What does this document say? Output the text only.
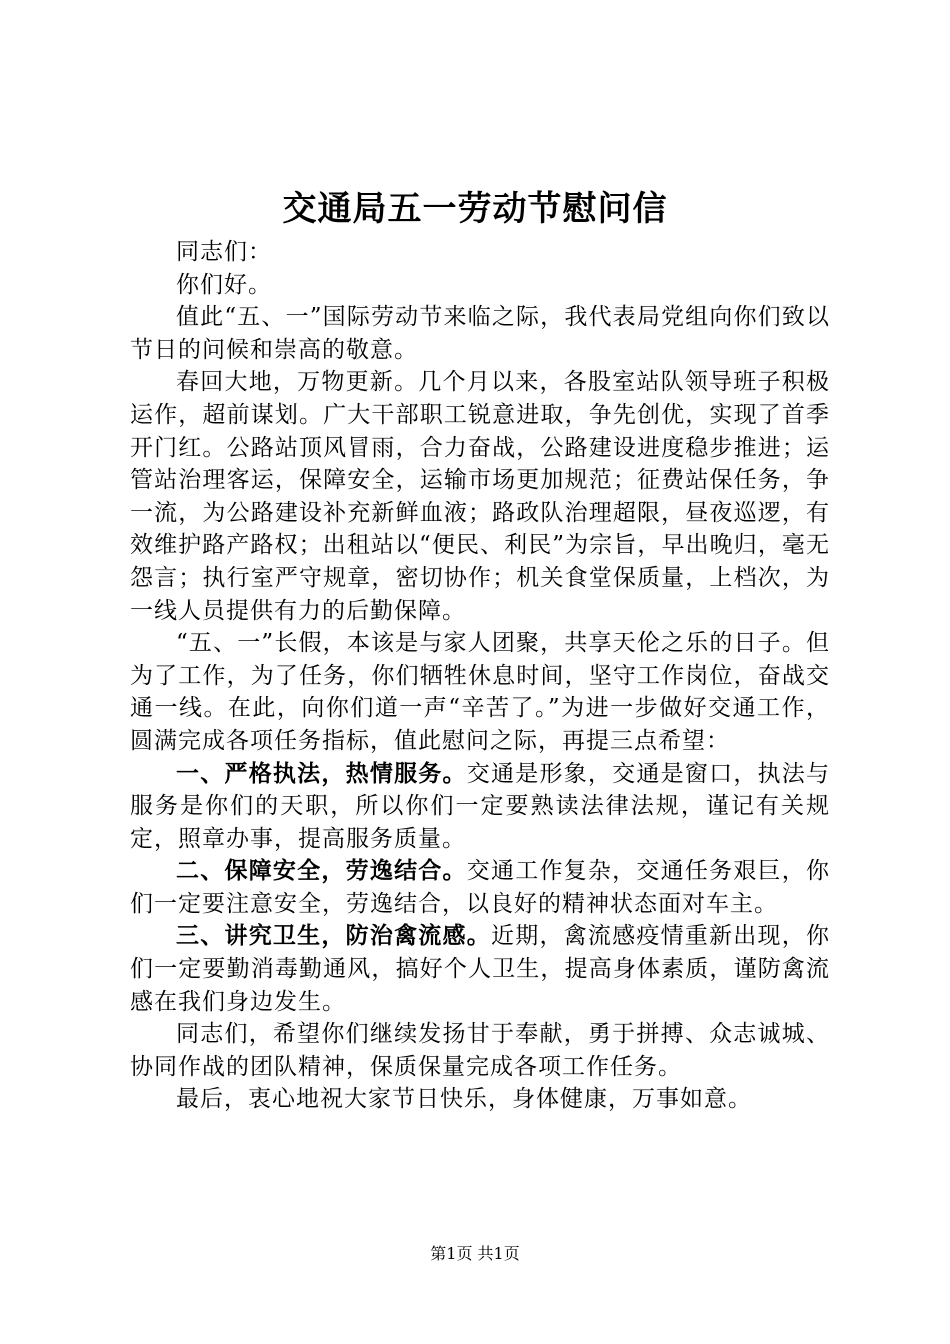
交通局五一劳动节慰问信

同志们：

你们好。

值此“五、一”国际劳动节来临之际，我代表局党组向你们致以节日的问候和崇高的敬意。

春回大地，万物更新。几个月以来，各股室站队领导班子积极运作，超前谋划。广大干部职工锐意进取，争先创优，实现了首季开门红。公路站顶风冒雨，合力奋战，公路建设进度稳步推进；运管站治理客运，保障安全，运输市场更加规范；征费站保任务，争一流，为公路建设补充新鲜血液；路政队治理超限，昼夜巡逻，有效维护路产路权；出租站以“便民、利民”为宗旨，早出晚归，毫无怨言；执行室严守规章，密切协作；机关食堂保质量，上档次，为一线人员提供有力的后勤保障。

“五、一”长假，本该是与家人团聚，共享天伦之乐的日子。但为了工作，为了任务，你们牺牲休息时间，坚守工作岗位，奋战交通一线。在此，向你们道一声“辛苦了。”为进一步做好交通工作，圆满完成各项任务指标，值此慰问之际，再提三点希望：

一、严格执法，热情服务。交通是形象，交通是窗口，执法与服务是你们的天职，所以你们一定要熟读法律法规，谨记有关规定，照章办事，提高服务质量。

二、保障安全，劳逸结合。交通工作复杂，交通任务艰巨，你们一定要注意安全，劳逸结合，以良好的精神状态面对车主。

三、讲究卫生，防治禽流感。近期，禽流感疫情重新出现，你们一定要勤消毒勤通风，搞好个人卫生，提高身体素质，谨防禽流感在我们身边发生。

同志们，希望你们继续发扬甘于奉献，勇于拼搏、众志诚城、协同作战的团队精神，保质保量完成各项工作任务。

最后，衷心地祝大家节日快乐，身体健康，万事如意。

第1页 共1页
